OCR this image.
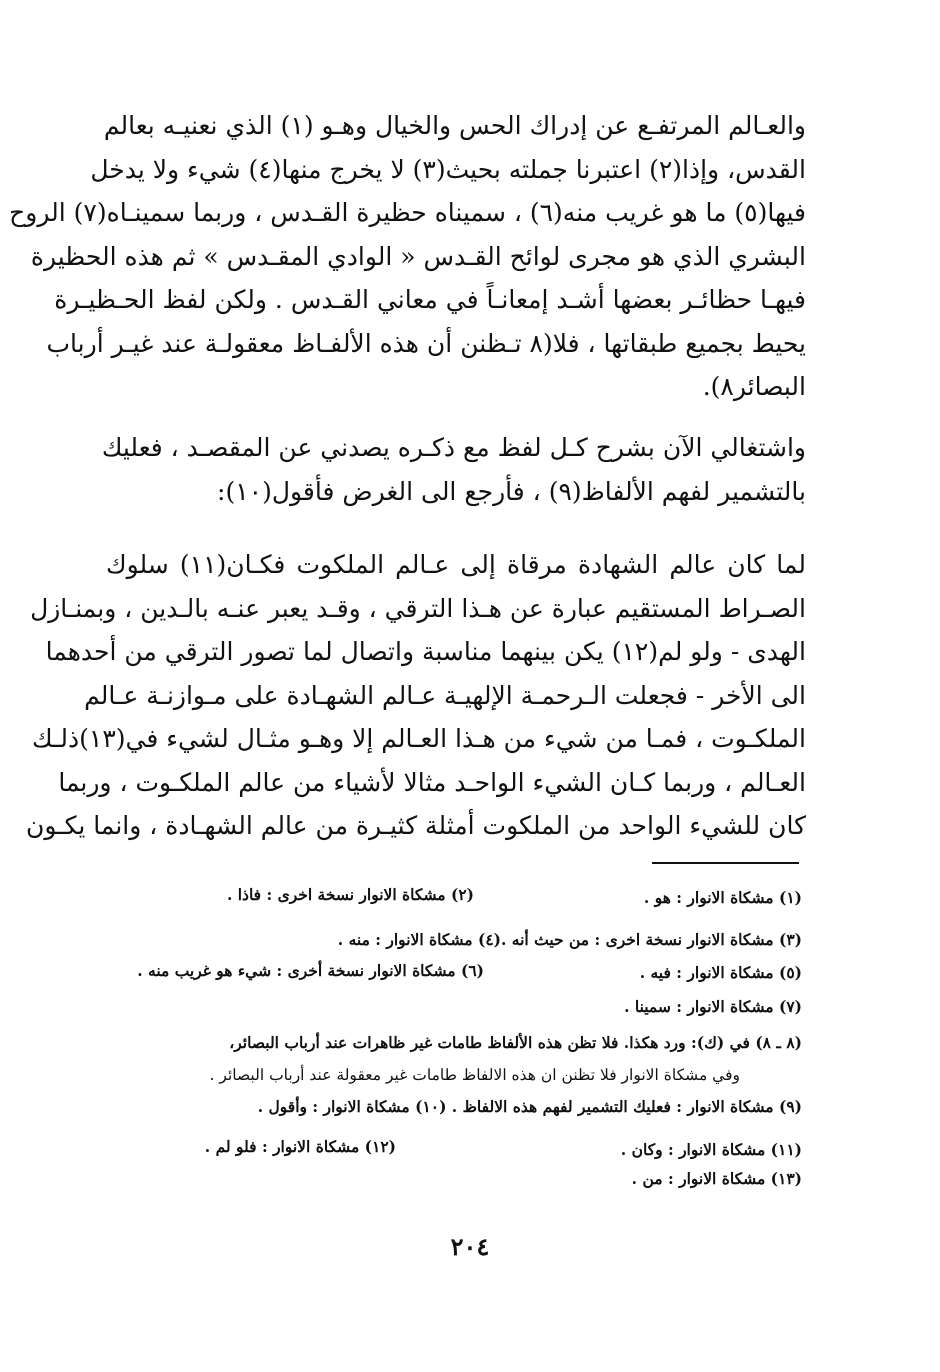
والعـالم المرتفـع عن إدراك الحس والخيال وهـو (١) الذي نعنيـه بعالم
القدس، وإذا(٢) اعتبرنا جملته بحيث(٣) لا يخرج منها(٤) شيء ولا يدخل
فيها(٥) ما هو غريب منه(٦) ، سميناه حظيرة القـدس ، وربما سمينـاه(٧) الروح
البشري الذي هو مجرى لوائح القـدس « الوادي المقـدس » ثم هذه الحظيرة
فيهـا حظائـر بعضها أشـد إمعانـاً في معاني القـدس . ولكن لفظ الحـظيـرة
يحيط بجميع طبقاتها ، فلا(٨ تـظنن أن هذه الألفـاظ معقولـة عند غيـر أرباب
البصائر٨).
واشتغالي الآن بشرح كـل لفظ مع ذكـره يصدني عن المقصـد ، فعليك
بالتشمير لفهم الألفاظ(٩) ، فأرجع الى الغرض فأقول(١٠):
لما كان عالم الشهادة مرقاة إلى عـالم الملكوت فكـان(١١) سلوك
الصـراط المستقيم عبارة عن هـذا الترقي ، وقـد يعبر عنـه بالـدين ، وبمنـازل
الهدى - ولو لم(١٢) يكن بينهما مناسبة واتصال لما تصور الترقي من أحدهما
الى الأخر - فجعلت الـرحمـة الإلهيـة عـالم الشهـادة على مـوازنـة عـالم
الملكـوت ، فمـا من شيء من هـذا العـالم إلا وهـو مثـال لشيء في(١٣)ذلـك
العـالم ، وربما كـان الشيء الواحـد مثالا لأشياء من عالم الملكـوت ، وربما
كان للشيء الواحد من الملكوت أمثلة كثيـرة من عالم الشهـادة ، وانما يكـون
(١) مشكاة الانوار : هو .
(٢) مشكاة الانوار نسخة اخرى : فاذا .
(٣) مشكاة الانوار نسخة اخرى : من حيث أنه .(٤) مشكاة الانوار : منه .
(٥) مشكاة الانوار : فيه .
(٦) مشكاة الانوار نسخة أخرى : شيء هو غريب منه .
(٧) مشكاة الانوار : سمينا .
(٨ ـ ٨) في (ك): ورد هكذا. فلا تظن هذه الألفاظ طامات غير ظاهرات عند أرباب البصائر،
وفي مشكاة الانوار فلا تظنن ان هذه الالفاظ طامات غير معقولة عند أرباب البصائر .
(٩) مشكاة الانوار : فعليك التشمير لفهم هذه الالفاظ . (١٠) مشكاة الانوار : وأقول .
(١١) مشكاة الانوار : وكان .
(١٢) مشكاة الانوار : فلو لم .
(١٣) مشكاة الانوار : من .
٢٠٤
